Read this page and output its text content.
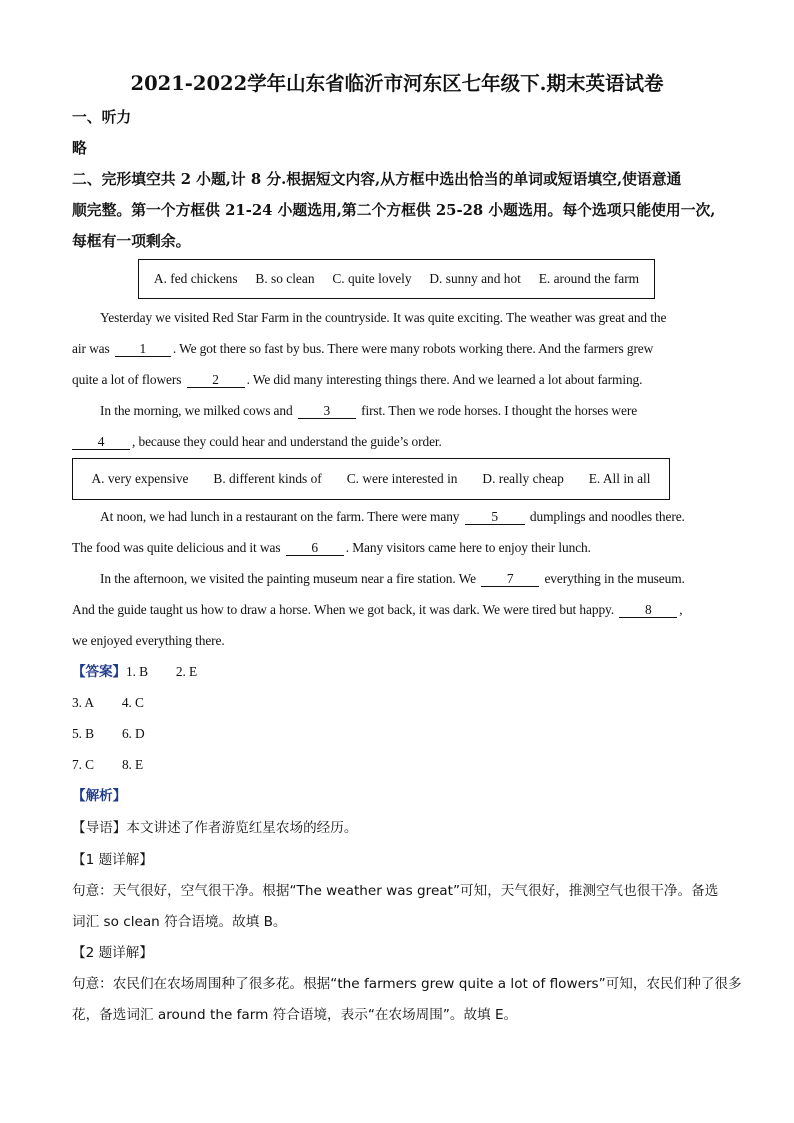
2021-2022学年山东省临沂市河东区七年级下.期末英语试卷
一、听力
略
二、完形填空共 2 小题,计 8 分.根据短文内容,从方框中选出恰当的单词或短语填空,使语意通
顺完整。第一个方框供 21-24 小题选用,第二个方框供 25-28 小题选用。每个选项只能使用一次,
每框有一项剩余。
A. fed chickens B. so clean C. quite lovely D. sunny and hot E. around the farm
Yesterday we visited Red Star Farm in the countryside. It was quite exciting. The weather was great and the
air was 1 . We got there so fast by bus. There were many robots working there. And the farmers grew
quite a lot of flowers 2 . We did many interesting things there. And we learned a lot about farming.
In the morning, we milked cows and 3 first. Then we rode horses. I thought the horses were
4 , because they could hear and understand the guide’s order.
A. very expensive B. different kinds of C. were interested in D. really cheap E. All in all
At noon, we had lunch in a restaurant on the farm. There were many 5 dumplings and noodles there.
The food was quite delicious and it was 6 . Many visitors came here to enjoy their lunch.
In the afternoon, we visited the painting museum near a fire station. We 7 everything in the museum.
And the guide taught us how to draw a horse. When we got back, it was dark. We were tired but happy. 8 ,
we enjoyed everything there.
【答案】1. B 2. E
3. A 4. C
5. B 6. D
7. C 8. E
【解析】
【导语】本文讲述了作者游览红星农场的经历。
【1 题详解】
句意：天气很好，空气很干净。根据“The weather was great”可知，天气很好，推测空气也很干净。备选
词汇 so clean 符合语境。故填 B。
【2 题详解】
句意：农民们在农场周围种了很多花。根据“the farmers grew quite a lot of flowers”可知，农民们种了很多
花，备选词汇 around the farm 符合语境，表示“在农场周围”。故填 E。
